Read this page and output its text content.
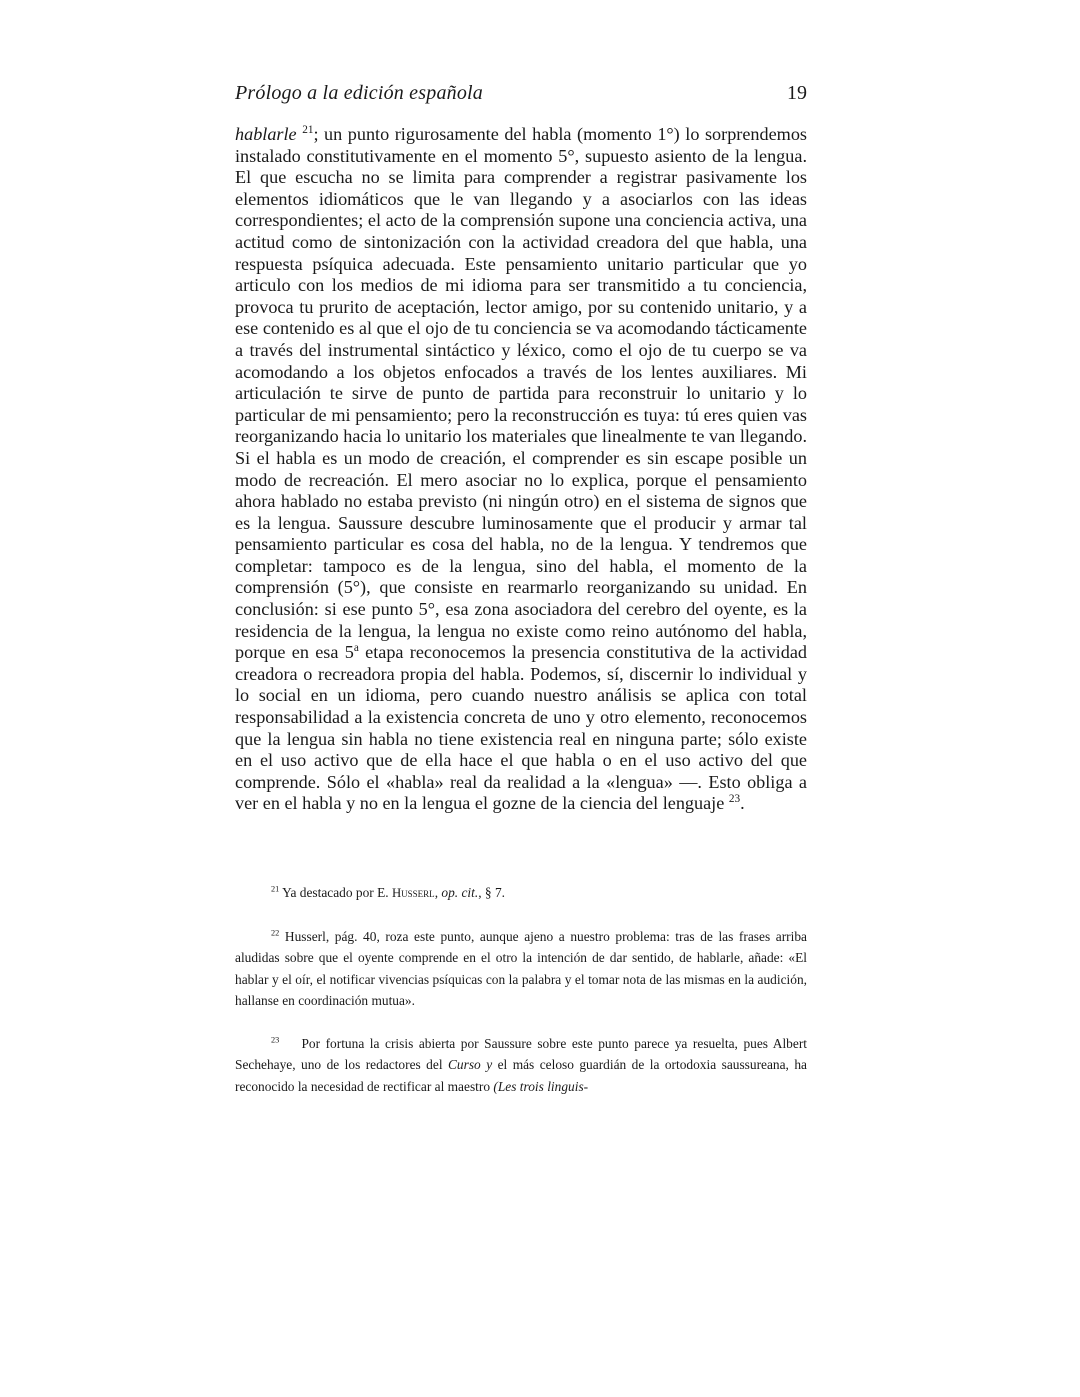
Prólogo a la edición española	19

hablarle $^{21}$; un punto rigurosamente del habla (momento 1°) lo sorprendemos instalado constitutivamente en el momento 5°, supuesto asiento de la lengua. El que escucha no se limita para comprender a registrar pasivamente los elementos idiomáticos que le van llegando y a asociarlos con las ideas correspondientes; el acto de la comprensión supone una conciencia activa, una actitud como de sintonización con la actividad creadora del que habla, una respuesta psíquica adecuada. Este pensamiento unitario particular que yo articulo con los medios de mi idioma para ser transmitido a tu conciencia, provoca tu prurito de aceptación, lector amigo, por su contenido unitario, y a ese contenido es al que el ojo de tu conciencia se va acomodando tácticamente a través del instrumental sintáctico y léxico, como el ojo de tu cuerpo se va acomodando a los objetos enfocados a través de los lentes auxiliares. Mi articulación te sirve de punto de partida para reconstruir lo unitario y lo particular de mi pensamiento; pero la reconstrucción es tuya: tú eres quien vas reorganizando hacia lo unitario los materiales que linealmente te van llegando. Si el habla es un modo de creación, el comprender es sin escape posible un modo de recreación. El mero asociar no lo explica, porque el pensamiento ahora hablado no estaba previsto (ni ningún otro) en el sistema de signos que es la lengua. Saussure descubre luminosamente que el producir y armar tal pensamiento particular es cosa del habla, no de la lengua. Y tendremos que completar: tampoco es de la lengua, sino del habla, el momento de la comprensión (5°), que consiste en rearmarlo reorganizando su unidad. En conclusión: si ese punto 5°, esa zona asociadora del cerebro del oyente, es la residencia de la lengua, la lengua no existe como reino autónomo del habla, porque en esa 5$^a$ etapa reconocemos la presencia constitutiva de la actividad creadora o recreadora propia del habla. Podemos, sí, discernir lo individual y lo social en un idioma, pero cuando nuestro análisis se aplica con total responsabilidad a la existencia concreta de uno y otro elemento, reconocemos que la lengua sin habla no tiene existencia real en ninguna parte; sólo existe en el uso activo que de ella hace el que habla o en el uso activo del que comprende. Sólo el «habla» real da realidad a la «lengua» —. Esto obliga a ver en el habla y no en la lengua el gozne de la ciencia del lenguaje $^{23}$.

$^{21}$ Ya destacado por E. Husserl, op. cit., § 7.

$^{22}$ Husserl, pág. 40, roza este punto, aunque ajeno a nuestro problema: tras de las frases arriba aludidas sobre que el oyente comprende en el otro la intención de dar sentido, de hablarle, añade: «El hablar y el oír, el notificar vivencias psíquicas con la palabra y el tomar nota de las mismas en la audición, hallanse en coordinación mutua».

$^{23}$    Por fortuna la crisis abierta por Saussure sobre este punto parece ya resuelta, pues Albert Sechehaye, uno de los redactores del Curso y el más celoso guardián de la ortodoxia saussureana, ha reconocido la necesidad de rectificar al maestro (Les trois linguis-
